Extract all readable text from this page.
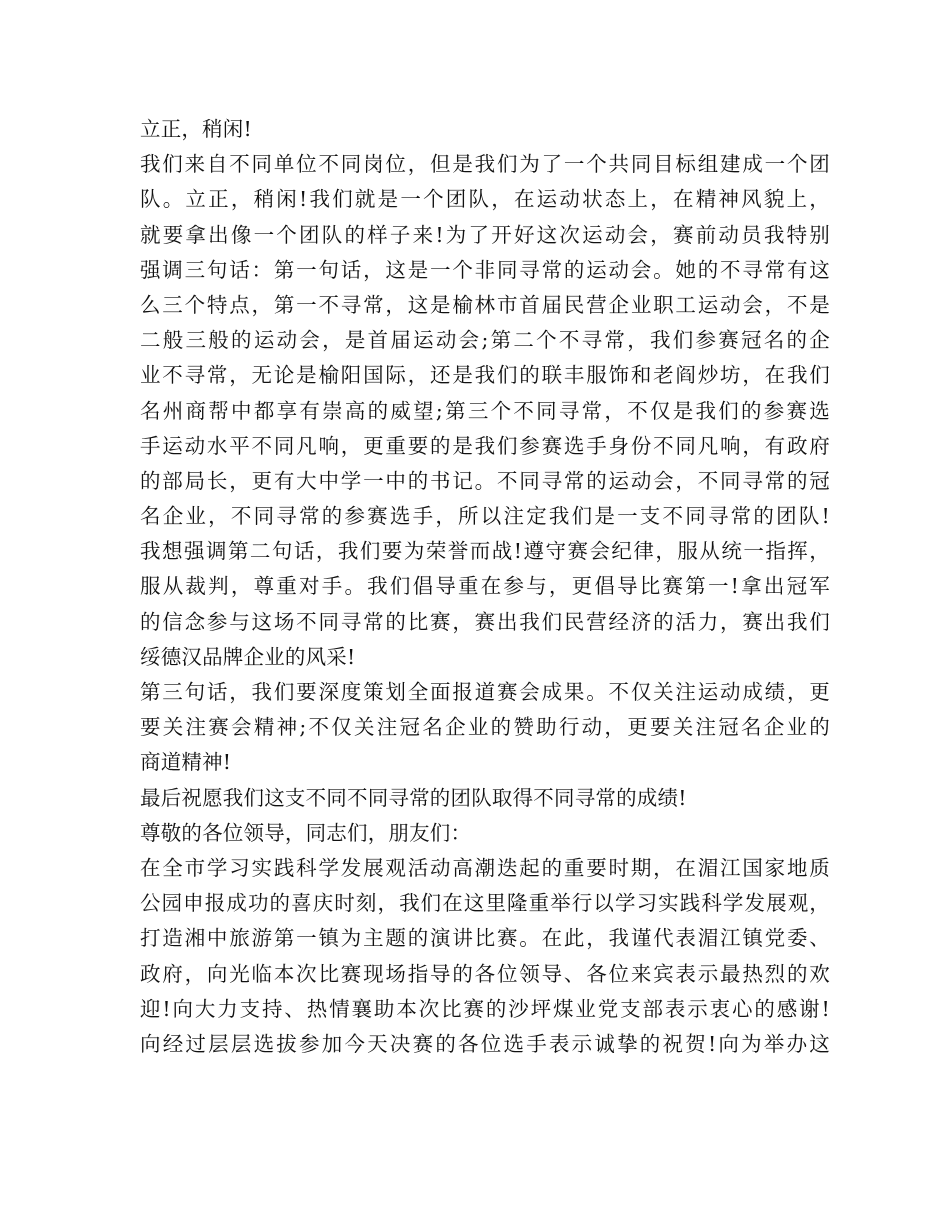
立正，稍闲!
我们来自不同单位不同岗位，但是我们为了一个共同目标组建成一个团
队。立正，稍闲!我们就是一个团队，在运动状态上，在精神风貌上，
就要拿出像一个团队的样子来!为了开好这次运动会，赛前动员我特别
强调三句话：第一句话，这是一个非同寻常的运动会。她的不寻常有这
么三个特点，第一不寻常，这是榆林市首届民营企业职工运动会，不是
二般三般的运动会，是首届运动会;第二个不寻常，我们参赛冠名的企
业不寻常，无论是榆阳国际，还是我们的联丰服饰和老阎炒坊，在我们
名州商帮中都享有崇高的威望;第三个不同寻常，不仅是我们的参赛选
手运动水平不同凡响，更重要的是我们参赛选手身份不同凡响，有政府
的部局长，更有大中学一中的书记。不同寻常的运动会，不同寻常的冠
名企业，不同寻常的参赛选手，所以注定我们是一支不同寻常的团队!
我想强调第二句话，我们要为荣誉而战!遵守赛会纪律，服从统一指挥，
服从裁判，尊重对手。我们倡导重在参与，更倡导比赛第一!拿出冠军
的信念参与这场不同寻常的比赛，赛出我们民营经济的活力，赛出我们
绥德汉品牌企业的风采!
第三句话，我们要深度策划全面报道赛会成果。不仅关注运动成绩，更
要关注赛会精神;不仅关注冠名企业的赞助行动，更要关注冠名企业的
商道精神!
最后祝愿我们这支不同不同寻常的团队取得不同寻常的成绩!
尊敬的各位领导，同志们，朋友们：
在全市学习实践科学发展观活动高潮迭起的重要时期，在湄江国家地质
公园申报成功的喜庆时刻，我们在这里隆重举行以学习实践科学发展观，
打造湘中旅游第一镇为主题的演讲比赛。在此，我谨代表湄江镇党委、
政府，向光临本次比赛现场指导的各位领导、各位来宾表示最热烈的欢
迎!向大力支持、热情襄助本次比赛的沙坪煤业党支部表示衷心的感谢!
向经过层层选拔参加今天决赛的各位选手表示诚挚的祝贺!向为举办这
